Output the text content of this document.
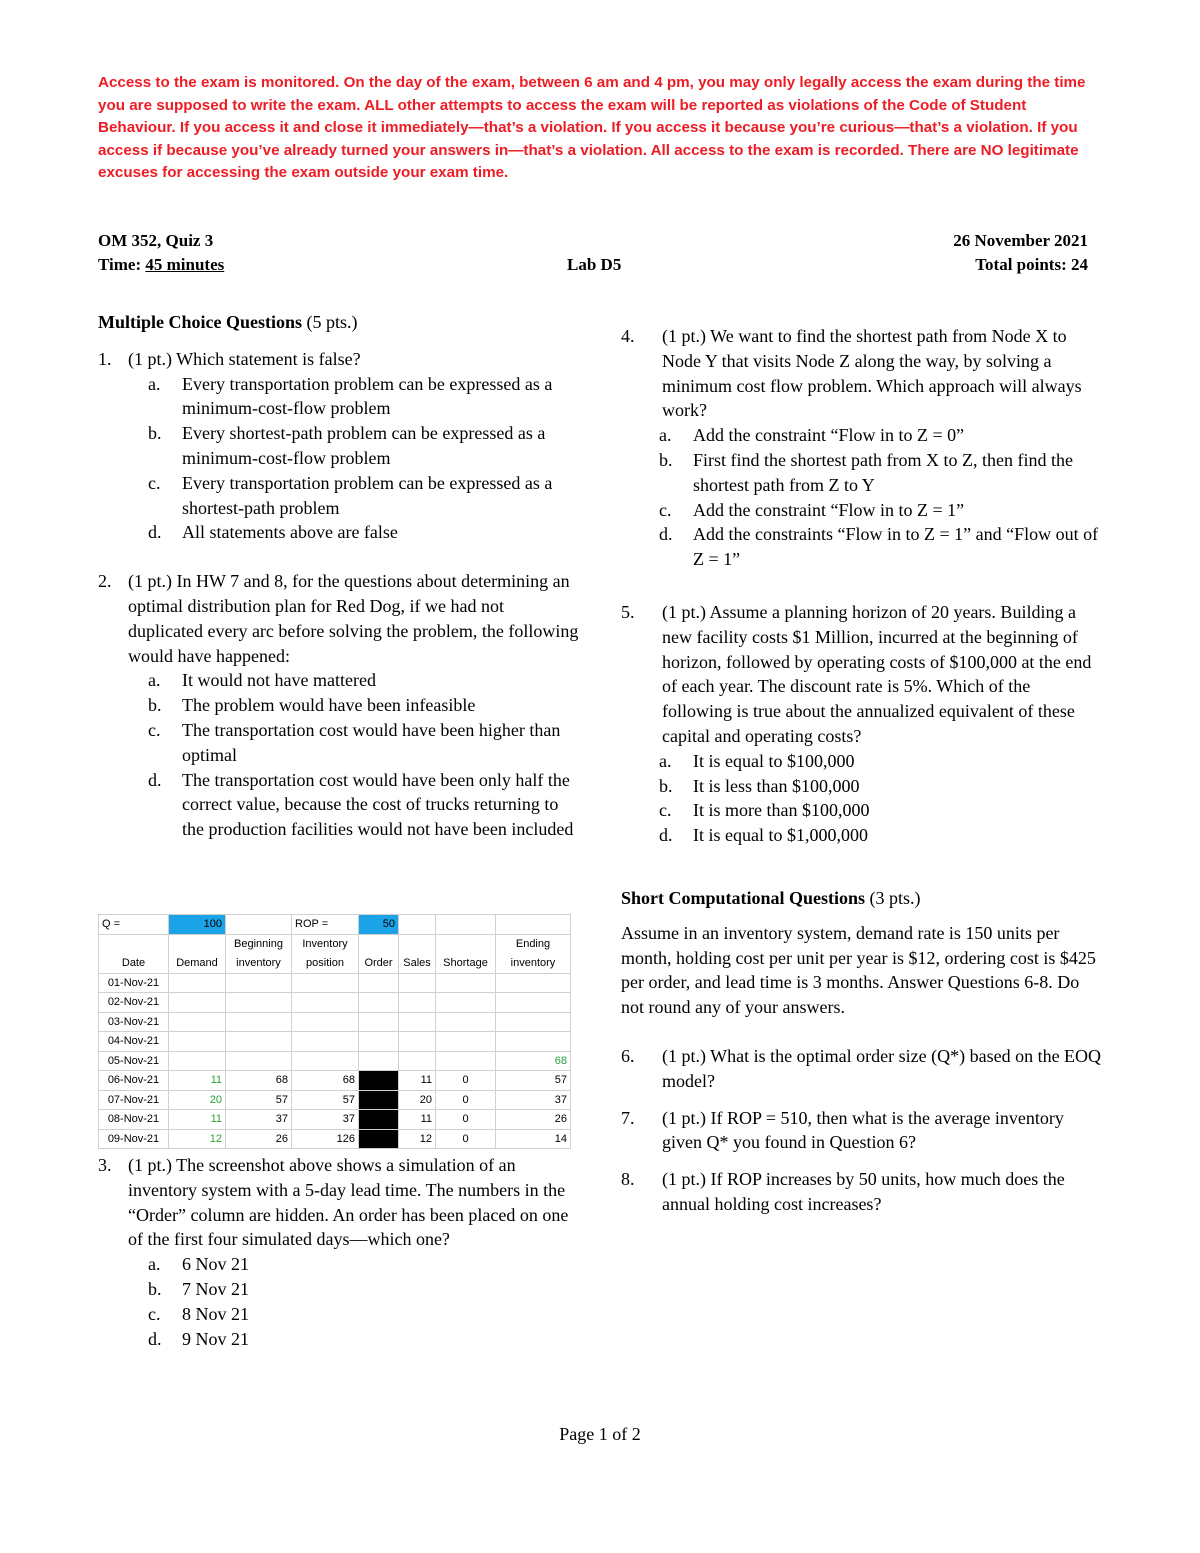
Access to the exam is monitored. On the day of the exam, between 6 am and 4 pm, you may only legally access the exam during the time you are supposed to write the exam. ALL other attempts to access the exam will be reported as violations of the Code of Student Behaviour. If you access it and close it immediately—that’s a violation. If you access it because you’re curious—that’s a violation. If you access if because you’ve already turned your answers in—that’s a violation. All access to the exam is recorded. There are NO legitimate excuses for accessing the exam outside your exam time.
OM 352, Quiz 3	26 November 2021
Time: 45 minutes	Lab D5	Total points: 24

Multiple Choice Questions (5 pts.)

1. (1 pt.) Which statement is false?
a. Every transportation problem can be expressed as a minimum-cost-flow problem
b. Every shortest-path problem can be expressed as a minimum-cost-flow problem
c. Every transportation problem can be expressed as a shortest-path problem
d. All statements above are false
2. (1 pt.) In HW 7 and 8, for the questions about determining an optimal distribution plan for Red Dog, if we had not duplicated every arc before solving the problem, the following would have happened:
a. It would not have mattered
b. The problem would have been infeasible
c. The transportation cost would have been higher than optimal
d. The transportation cost would have been only half the correct value, because the cost of trucks returning to the production facilities would not have been included
Q =	100		ROP =	50			
Date	Demand	Beginning inventory	Inventory position	Order	Sales	Shortage	Ending inventory
01-Nov-21							
02-Nov-21							
03-Nov-21							
04-Nov-21							
05-Nov-21							68
06-Nov-21	11	68	68		11	0	57
07-Nov-21	20	57	57		20	0	37
08-Nov-21	11	37	37		11	0	26
09-Nov-21	12	26	126		12	0	14
3. (1 pt.) The screenshot above shows a simulation of an inventory system with a 5-day lead time. The numbers in the “Order” column are hidden. An order has been placed on one of the first four simulated days—which one?
a. 6 Nov 21
b. 7 Nov 21
c. 8 Nov 21
d. 9 Nov 21
4. (1 pt.) We want to find the shortest path from Node X to Node Y that visits Node Z along the way, by solving a minimum cost flow problem. Which approach will always work?
a. Add the constraint “Flow in to Z = 0”
b. First find the shortest path from X to Z, then find the shortest path from Z to Y
c. Add the constraint “Flow in to Z = 1”
d. Add the constraints “Flow in to Z = 1” and “Flow out of Z = 1”
5. (1 pt.) Assume a planning horizon of 20 years. Building a new facility costs $1 Million, incurred at the beginning of horizon, followed by operating costs of $100,000 at the end of each year. The discount rate is 5%. Which of the following is true about the annualized equivalent of these capital and operating costs?
a. It is equal to $100,000
b. It is less than $100,000
c. It is more than $100,000
d. It is equal to $1,000,000

Short Computational Questions (3 pts.)

Assume in an inventory system, demand rate is 150 units per month, holding cost per unit per year is $12, ordering cost is $425 per order, and lead time is 3 months. Answer Questions 6-8. Do not round any of your answers.

6. (1 pt.) What is the optimal order size (Q*) based on the EOQ model?
7. (1 pt.) If ROP = 510, then what is the average inventory given Q* you found in Question 6?
8. (1 pt.) If ROP increases by 50 units, how much does the annual holding cost increases?
Page 1 of 2
